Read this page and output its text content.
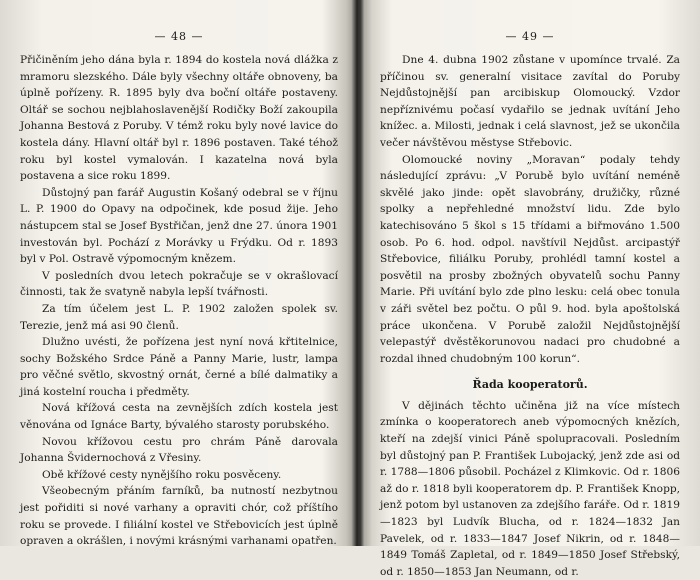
— 48 —

Přičiněním jeho dána byla r. 1894 do kostela nová dlážka z mramoru slezského. Dále byly všechny oltáře obnoveny, ba úplně pořízeny. R. 1895 byly dva boční oltáře postaveny. Oltář se sochou nejblahoslavenější Rodičky Boží zakoupila Johanna Bestová z Poruby. V témž roku byly nové lavice do kostela dány. Hlavní oltář byl r. 1896 postaven. Také téhož roku byl kostel vymalován. I kazatelna nová byla postavena a sice roku 1899.

Důstojný pan farář Augustin Košaný odebral se v říjnu L. P. 1900 do Opavy na odpočinek, kde posud žije. Jeho nástupcem stal se Josef Bystřičan, jenž dne 27. února 1901 investován byl. Pochází z Morávky u Frýdku. Od r. 1893 byl v Pol. Ostravě výpomocným knězem.

V posledních dvou letech pokračuje se v okrašlovací činnosti, tak že svatyně nabyla lepší tvářnosti.

Za tím účelem jest L. P. 1902 založen spolek sv. Terezie, jenž má asi 90 členů.

Dlužno uvésti, že pořízena jest nyní nová křtitelnice, sochy Božského Srdce Páně a Panny Marie, lustr, lampa pro věčné světlo, skvostný ornát, černé a bílé dalmatiky a jiná kostelní roucha i předměty.

Nová křížová cesta na zevnějších zdích kostela jest věnována od Ignáce Barty, bývalého starosty porubského.

Novou křížovou cestu pro chrám Páně darovala Johanna Švidernochová z Vřesiny.

Obě křížové cesty nynějšího roku posvěceny.

Všeobecným přáním farníků, ba nutností nezbytnou jest pořiditi si nové varhany a opraviti chór, což příštího roku se provede. I filiální kostel ve Střebovicích jest úplně opraven a okrášlen, i novými krásnými varhanami opatřen.

— 49 —

Dne 4. dubna 1902 zůstane v upomínce trvalé. Za příčinou sv. generalní visitace zavítal do Poruby Nejdůstojnější pan arcibiskup Olomoucký. Vzdor nepříznivému počasí vydařilo se jednak uvítání Jeho knížec. a. Milosti, jednak i celá slavnost, jež se ukončila večer návštěvou městyse Střebovic.

Olomoucké noviny „Moravan“ podaly tehdy následující zprávu: „V Porubě bylo uvítání neméně skvělé jako jinde: opět slavobrány, družičky, různé spolky a nepřehledné množství lidu. Zde bylo katechisováno 5 škol s 15 třídami a biřmováno 1.500 osob. Po 6. hod. odpol. navštívil Nejdůst. arcipastýř Střebovice, filiálku Poruby, prohlédl tamní kostel a posvětil na prosby zbožných obyvatelů sochu Panny Marie. Při uvítání bylo zde plno lesku: celá obec tonula v záři světel bez počtu. O půl 9. hod. byla apoštolská práce ukončena. V Porubě založil Nejdůstojnější velepastýř dvěstěkorunovou nadaci pro chudobné a rozdal ihned chudobným 100 korun“.

Řada kooperatorů.

V dějinách těchto učiněna již na více místech zmínka o kooperatorech aneb výpomocných knězích, kteří na zdejší vinici Páně spolupracovali. Posledním byl důstojný pan P. František Lubojacký, jenž zde asi od r. 1788—1806 působil. Pocházel z Klimkovic. Od r. 1806 až do r. 1818 byli kooperatorem dp. P. František Knopp, jenž potom byl ustanoven za zdejšího faráře. Od r. 1819—1823 byl Ludvík Blucha, od r. 1824—1832 Jan Pavelek, od r. 1833—1847 Josef Nikrin, od r. 1848—1849 Tomáš Zapletal, od r. 1849—1850 Josef Střebský, od r. 1850—1853 Jan Neumann, od r.
